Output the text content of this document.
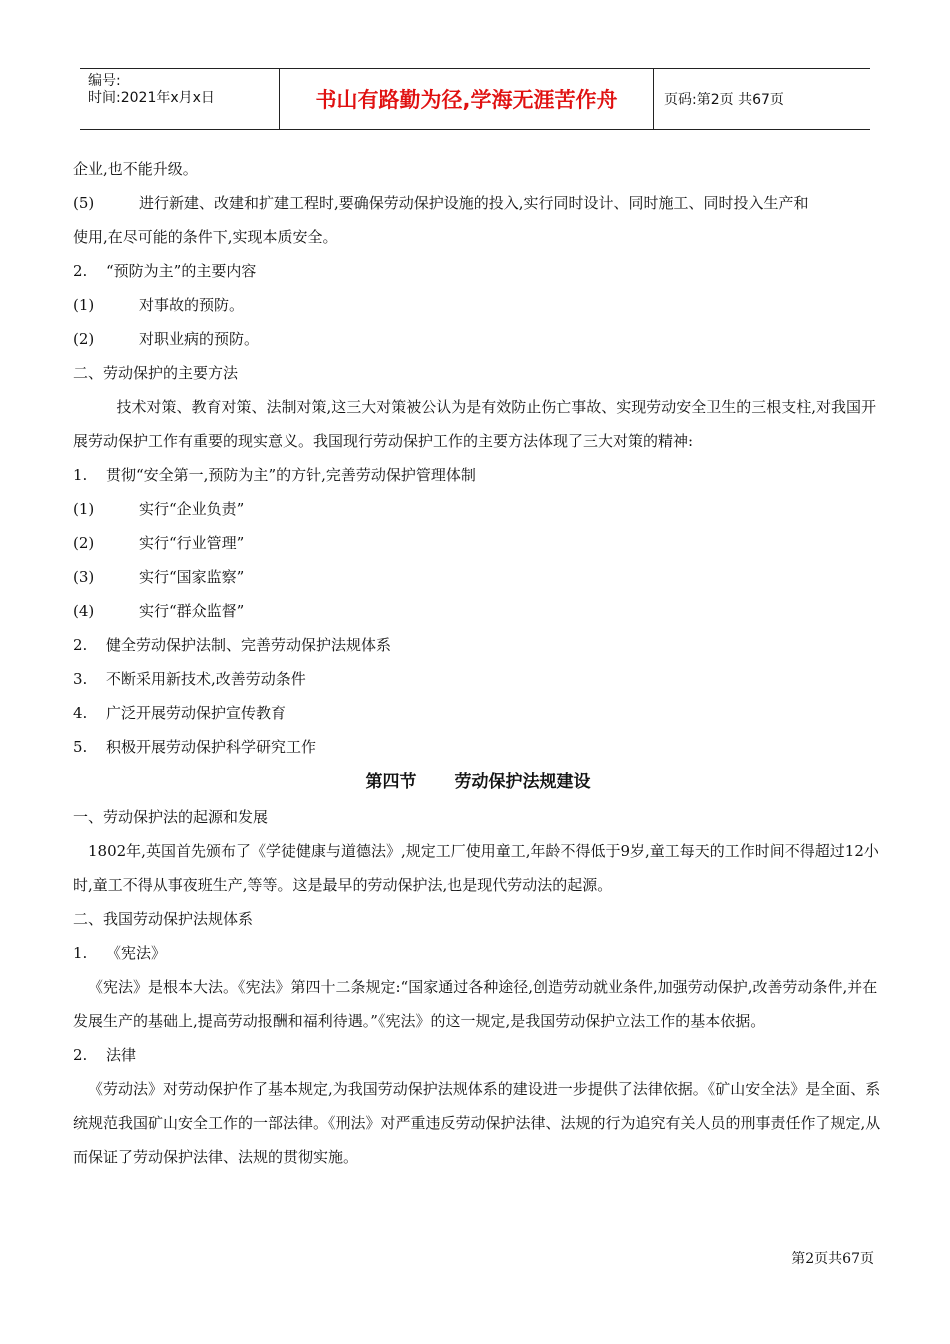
编号:
时间:2021年x月x日	书山有路勤为径,学海无涯苦作舟	页码:第2页 共67页
企业,也不能升级。
(5)	进行新建、改建和扩建工程时,要确保劳动保护设施的投入,实行同时设计、同时施工、同时投入生产和
使用,在尽可能的条件下,实现本质安全。
2. “预防为主”的主要内容
(1)	对事故的预防。
(2)	对职业病的预防。
二、劳动保护的主要方法
技术对策、教育对策、法制对策,这三大对策被公认为是有效防止伤亡事故、实现劳动安全卫生的三根支柱,对我国开展劳动保护工作有重要的现实意义。我国现行劳动保护工作的主要方法体现了三大对策的精神:
1. 贯彻“安全第一,预防为主”的方针,完善劳动保护管理体制
(1)	实行“企业负责”
(2)	实行“行业管理”
(3)	实行“国家监察”
(4)	实行“群众监督”
2. 健全劳动保护法制、完善劳动保护法规体系
3. 不断采用新技术,改善劳动条件
4. 广泛开展劳动保护宣传教育
5. 积极开展劳动保护科学研究工作
第四节 劳动保护法规建设
一、劳动保护法的起源和发展
1802年,英国首先颁布了《学徒健康与道德法》,规定工厂使用童工,年龄不得低于9岁,童工每天的工作时间不得超过12小时,童工不得从事夜班生产,等等。这是最早的劳动保护法,也是现代劳动法的起源。
二、我国劳动保护法规体系
1. 《宪法》
《宪法》是根本大法。《宪法》第四十二条规定:“国家通过各种途径,创造劳动就业条件,加强劳动保护,改善劳动条件,并在发展生产的基础上,提高劳动报酬和福利待遇。”《宪法》的这一规定,是我国劳动保护立法工作的基本依据。
2. 法律
《劳动法》对劳动保护作了基本规定,为我国劳动保护法规体系的建设进一步提供了法律依据。《矿山安全法》是全面、系统规范我国矿山安全工作的一部法律。《刑法》对严重违反劳动保护法律、法规的行为追究有关人员的刑事责任作了规定,从而保证了劳动保护法律、法规的贯彻实施。
第2页共67页
